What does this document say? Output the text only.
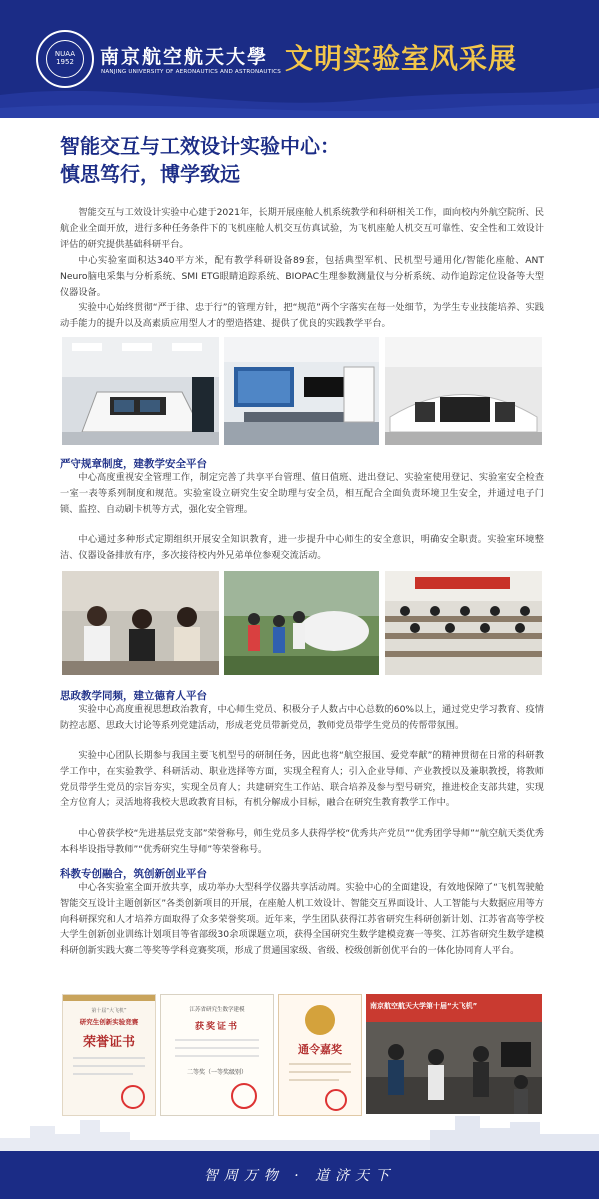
NUAA 1952	南京航空航天大學
NANJING UNIVERSITY OF AERONAUTICS AND ASTRONAUTICS 文明实验室风采展
智能交互与工效设计实验中心：
慎思笃行，博学致远

智能交互与工效设计实验中心建于2021年，长期开展座舱人机系统教学和科研相关工作，面向校内外航空院所、民航企业全面开放，进行多种任务条件下的飞机座舱人机交互仿真试验，为飞机座舱人机交互可靠性、安全性和工效设计评估的研究提供基础科研平台。

中心实验室面积达340平方米，配有教学科研设备89套，包括典型军机、民机型号通用化/智能化座舱、ANT Neuro脑电采集与分析系统、SMI ETG眼睛追踪系统、BIOPAC生理参数测量仪与分析系统、动作追踪定位设备等大型仪器设备。

实验中心始终贯彻“严于律、忠于行”的管理方针，把“规范”两个字落实在每一处细节，为学生专业技能培养、实践动手能力的提升以及高素质应用型人才的塑造搭建、提供了优良的实践教学平台。

严守规章制度，建教学安全平台

中心高度重视安全管理工作，制定完善了共享平台管理、值日值班、进出登记、实验室使用登记、实验室安全检查一室一表等系列制度和规范。实验室设立研究生安全助理与安全员，相互配合全面负责环境卫生安全，并通过电子门锁、监控、自动刷卡机等方式，强化安全管理。

中心通过多种形式定期组织开展安全知识教育，进一步提升中心师生的安全意识，明确安全职责。实验室环境整洁、仪器设备排放有序，多次接待校内外兄弟单位参观交流活动。

思政教学同频，建立德育人平台

实验中心高度重视思想政治教育，中心师生党员、积极分子人数占中心总数的60%以上，通过党史学习教育、疫情防控志愿、思政大讨论等系列党建活动，形成老党员带新党员，教师党员带学生党员的传帮带氛围。

实验中心团队长期参与我国主要飞机型号的研制任务，因此也将“航空报国、爱党奉献”的精神贯彻在日常的科研教学工作中，在实验教学、科研活动、职业选择等方面，实现全程育人；引入企业导师、产业教授以及兼职教授，将教师党员带学生党员的宗旨夯实，实现全员育人；共建研究生工作站、联合培养及参与型号研究，推进校企支部共建，实现全方位育人；灵活地将我校大思政教育目标，有机分解成小目标，融合在研究生教育教学工作中。

中心曾获学校“先进基层党支部”荣誉称号，师生党员多人获得学校“优秀共产党员”“优秀团学导师”“航空航天类优秀本科毕设指导教师”“优秀研究生导师”等荣誉称号。

科教专创融合，筑创新创业平台

中心各实验室全面开放共享，成功举办大型科学仪器共享活动周。实验中心的全面建设，有效地保障了“飞机驾驶舱智能交互设计主题创新区”各类创新项目的开展，在座舱人机工效设计、智能交互界面设计、人工智能与大数据应用等方向科研探究和人才培养方面取得了众多荣誉奖项。近年来，学生团队获得江苏省研究生科研创新计划、江苏省高等学校大学生创新创业训练计划项目等省部级30余项课题立项，获得全国研究生数学建模竞赛一等奖、江苏省研究生数学建模科研创新实践大赛二等奖等学科竞赛奖项，形成了贯通国家级、省级、校级创新创优平台的一体化协同育人平台。

第十届“大飞机”
研究生创新实验竞赛
荣誉证书
江苏省研究生数学建模
获奖证书
二等奖（一等奖级别）
通令嘉奖
南京航空航天大学第十届“大飞机”
智周万物 · 道济天下
